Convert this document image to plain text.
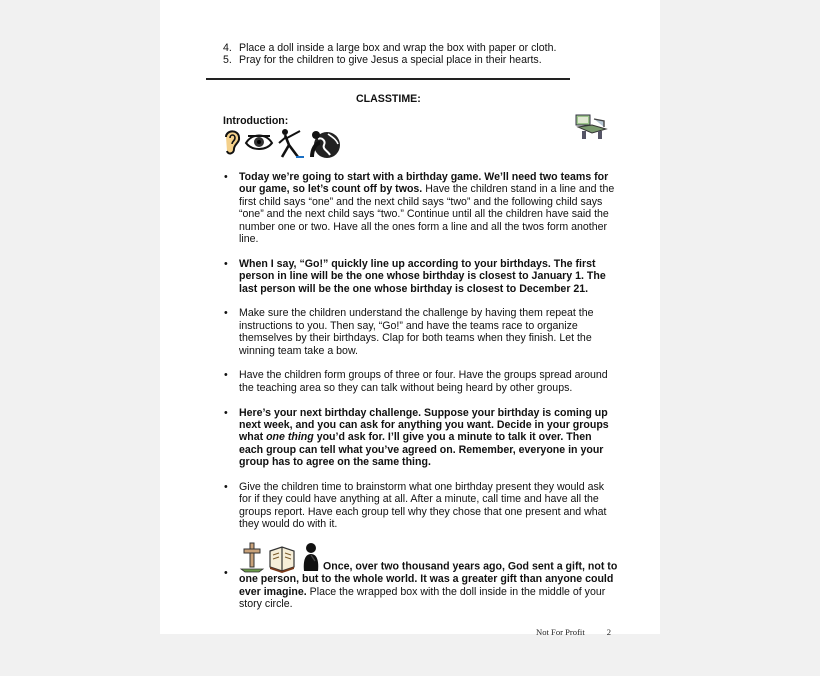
4. Place a doll inside a large box and wrap the box with paper or cloth.
5. Pray for the children to give Jesus a special place in their hearts.
CLASSTIME:
Introduction:
• Today we’re going to start with a birthday game. We’ll need two teams for our game, so let’s count off by twos. Have the children stand in a line and the first child says “one” and the next child says “two” and the following child says “one” and the next child says “two.” Continue until all the children have said the number one or two. Have all the ones form a line and all the twos form another line.
• When I say, “Go!” quickly line up according to your birthdays. The first person in line will be the one whose birthday is closest to January 1. The last person will be the one whose birthday is closest to December 21.
• Make sure the children understand the challenge by having them repeat the instructions to you. Then say, “Go!” and have the teams race to organize themselves by their birthdays. Clap for both teams when they finish. Let the winning team take a bow.
• Have the children form groups of three or four. Have the groups spread around the teaching area so they can talk without being heard by other groups.
• Here’s your next birthday challenge. Suppose your birthday is coming up next week, and you can ask for anything you want. Decide in your groups what one thing you’d ask for. I’ll give you a minute to talk it over. Then each group can tell what you’ve agreed on. Remember, everyone in your group has to agree on the same thing.
• Give the children time to brainstorm what one birthday present they would ask for if they could have anything at all. After a minute, call time and have all the groups report. Have each group tell why they chose that one present and what they would do with it.
•
Once, over two thousand years ago, God sent a gift, not to one person, but to the whole world. It was a greater gift than anyone could ever imagine. Place the wrapped box with the doll inside in the middle of your story circle.
Not For Profit	2
